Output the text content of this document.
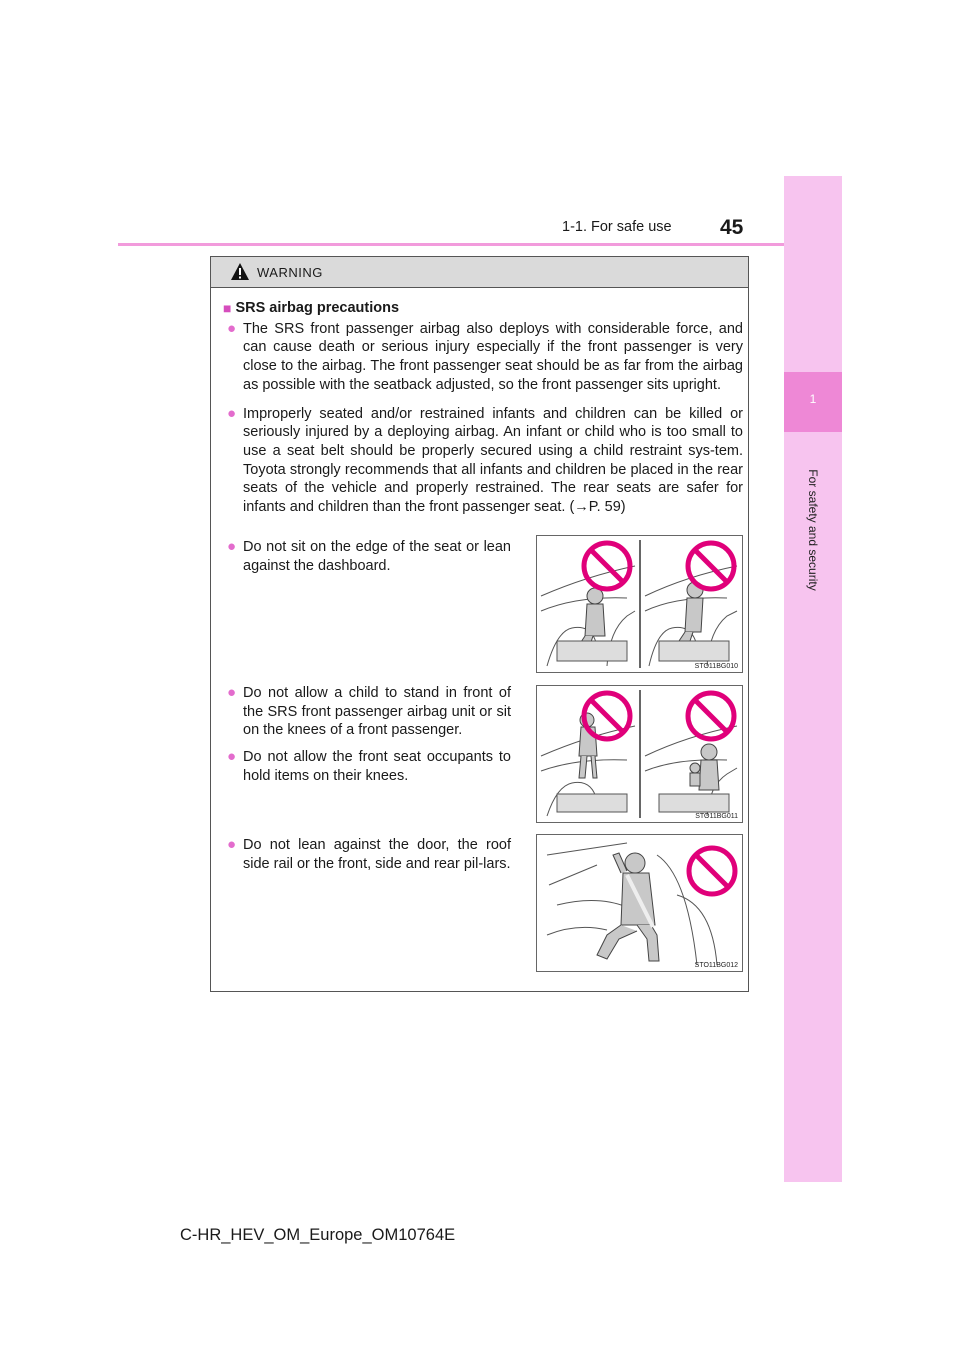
1
For safety and security
1-1. For safe use 45
WARNING
■ SRS airbag precautions
● The SRS front passenger airbag also deploys with considerable force, and can cause death or serious injury especially if the front passenger is very close to the airbag. The front passenger seat should be as far from the airbag as possible with the seatback adjusted, so the front passenger sits upright.
● Improperly seated and/or restrained infants and children can be killed or seriously injured by a deploying airbag. An infant or child who is too small to use a seat belt should be properly secured using a child restraint sys-tem. Toyota strongly recommends that all infants and children be placed in the rear seats of the vehicle and properly restrained. The rear seats are safer for infants and children than the front passenger seat. (→P. 59)
● Do not sit on the edge of the seat or lean against the dashboard.
STO11BG010
● Do not allow a child to stand in front of the SRS front passenger airbag unit or sit on the knees of a front passenger.
● Do not allow the front seat occupants to hold items on their knees.
STO11BG011
● Do not lean against the door, the roof side rail or the front, side and rear pil-lars.
STO11BG012
C-HR_HEV_OM_Europe_OM10764E
